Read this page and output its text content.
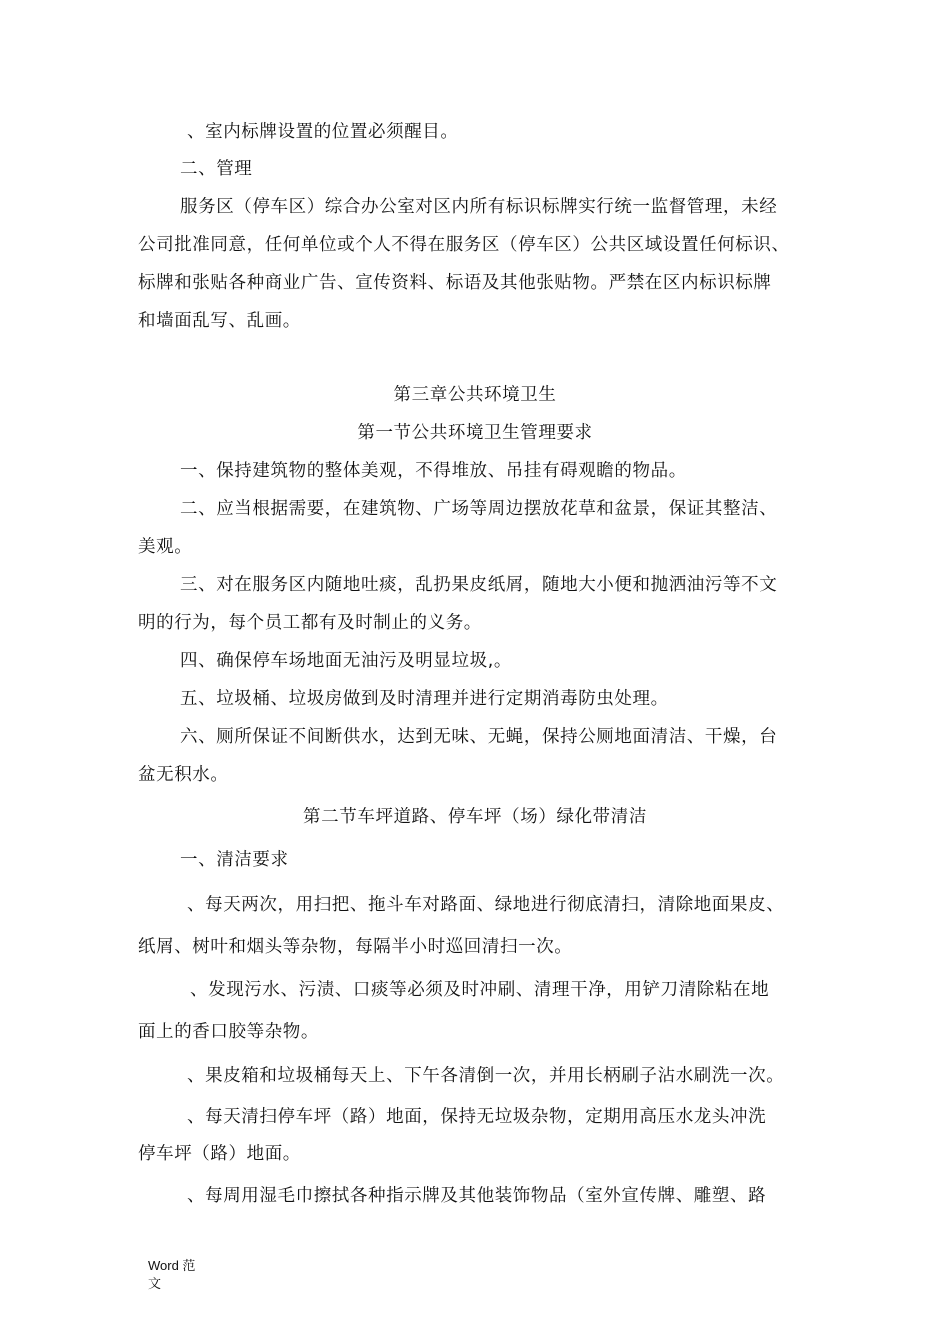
、室内标牌设置的位置必须醒目。
二、管理
服务区（停车区）综合办公室对区内所有标识标牌实行统一监督管理，未经
公司批准同意，任何单位或个人不得在服务区（停车区）公共区域设置任何标识、
标牌和张贴各种商业广告、宣传资料、标语及其他张贴物。严禁在区内标识标牌
和墙面乱写、乱画。
第三章公共环境卫生
第一节公共环境卫生管理要求
一、保持建筑物的整体美观，不得堆放、吊挂有碍观瞻的物品。
二、应当根据需要，在建筑物、广场等周边摆放花草和盆景，保证其整洁、
美观。
三、对在服务区内随地吐痰，乱扔果皮纸屑，随地大小便和抛洒油污等不文
明的行为，每个员工都有及时制止的义务。
四、确保停车场地面无油污及明显垃圾,。
五、垃圾桶、垃圾房做到及时清理并进行定期消毒防虫处理。
六、厕所保证不间断供水，达到无味、无蝇，保持公厕地面清洁、干燥，台
盆无积水。
第二节车坪道路、停车坪（场）绿化带清洁
一、清洁要求
、每天两次，用扫把、拖斗车对路面、绿地进行彻底清扫，清除地面果皮、
纸屑、树叶和烟头等杂物，每隔半小时巡回清扫一次。
、发现污水、污渍、口痰等必须及时冲刷、清理干净，用铲刀清除粘在地
面上的香口胶等杂物。
、果皮箱和垃圾桶每天上、下午各清倒一次，并用长柄刷子沾水刷洗一次。
、每天清扫停车坪（路）地面，保持无垃圾杂物，定期用高压水龙头冲洗
停车坪（路）地面。
、每周用湿毛巾擦拭各种指示牌及其他装饰物品（室外宣传牌、雕塑、路
Word 范
文
